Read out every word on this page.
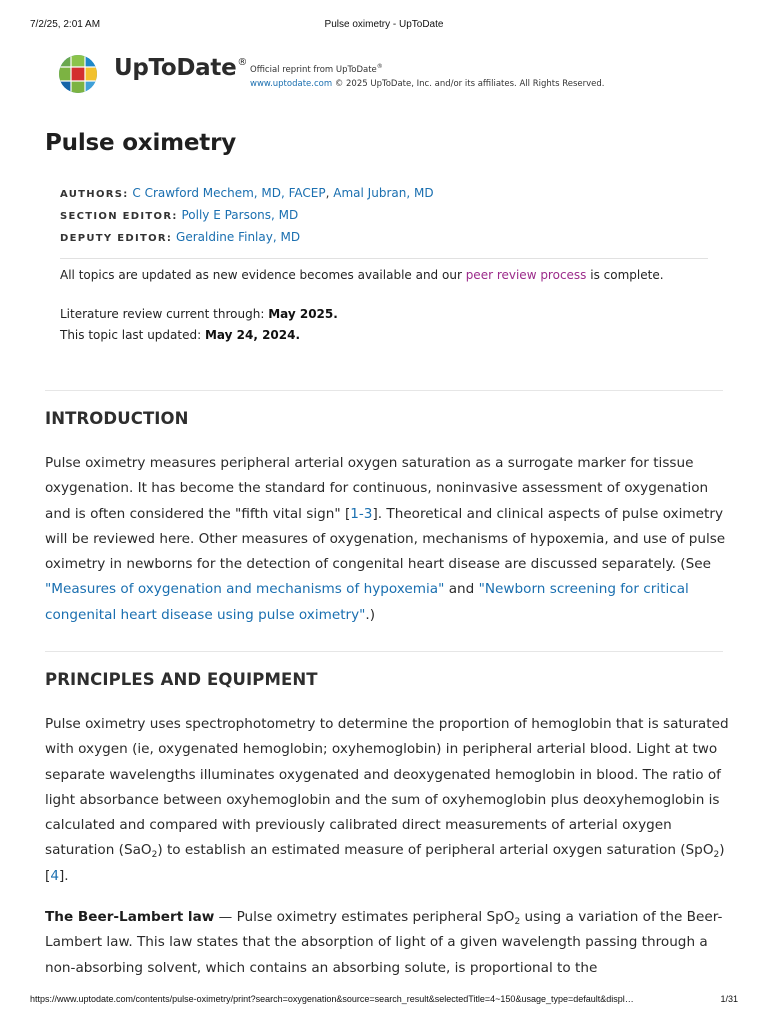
7/2/25, 2:01 AM	Pulse oximetry - UpToDate
UpToDate®
Official reprint from UpToDate®
www.uptodate.com © 2025 UpToDate, Inc. and/or its affiliates. All Rights Reserved.
Pulse oximetry
AUTHORS: C Crawford Mechem, MD, FACEP, Amal Jubran, MD
SECTION EDITOR: Polly E Parsons, MD
DEPUTY EDITOR: Geraldine Finlay, MD
All topics are updated as new evidence becomes available and our peer review process is complete.
Literature review current through: May 2025.
This topic last updated: May 24, 2024.
INTRODUCTION

Pulse oximetry measures peripheral arterial oxygen saturation as a surrogate marker for tissue oxygenation. It has become the standard for continuous, noninvasive assessment of oxygenation and is often considered the "fifth vital sign" [1-3]. Theoretical and clinical aspects of pulse oximetry will be reviewed here. Other measures of oxygenation, mechanisms of hypoxemia, and use of pulse oximetry in newborns for the detection of congenital heart disease are discussed separately. (See "Measures of oxygenation and mechanisms of hypoxemia" and "Newborn screening for critical congenital heart disease using pulse oximetry".)

PRINCIPLES AND EQUIPMENT

Pulse oximetry uses spectrophotometry to determine the proportion of hemoglobin that is saturated with oxygen (ie, oxygenated hemoglobin; oxyhemoglobin) in peripheral arterial blood. Light at two separate wavelengths illuminates oxygenated and deoxygenated hemoglobin in blood. The ratio of light absorbance between oxyhemoglobin and the sum of oxyhemoglobin plus deoxyhemoglobin is calculated and compared with previously calibrated direct measurements of arterial oxygen saturation (SaO$_2$) to establish an estimated measure of peripheral arterial oxygen saturation (SpO$_2$) [4].

The Beer-Lambert law — Pulse oximetry estimates peripheral SpO$_2$ using a variation of the Beer-Lambert law. This law states that the absorption of light of a given wavelength passing through a non-absorbing solvent, which contains an absorbing solute, is proportional to the

https://www.uptodate.com/contents/pulse-oximetry/print?search=oxygenation&source=search_result&selectedTitle=4~150&usage_type=default&displ…	1/31
